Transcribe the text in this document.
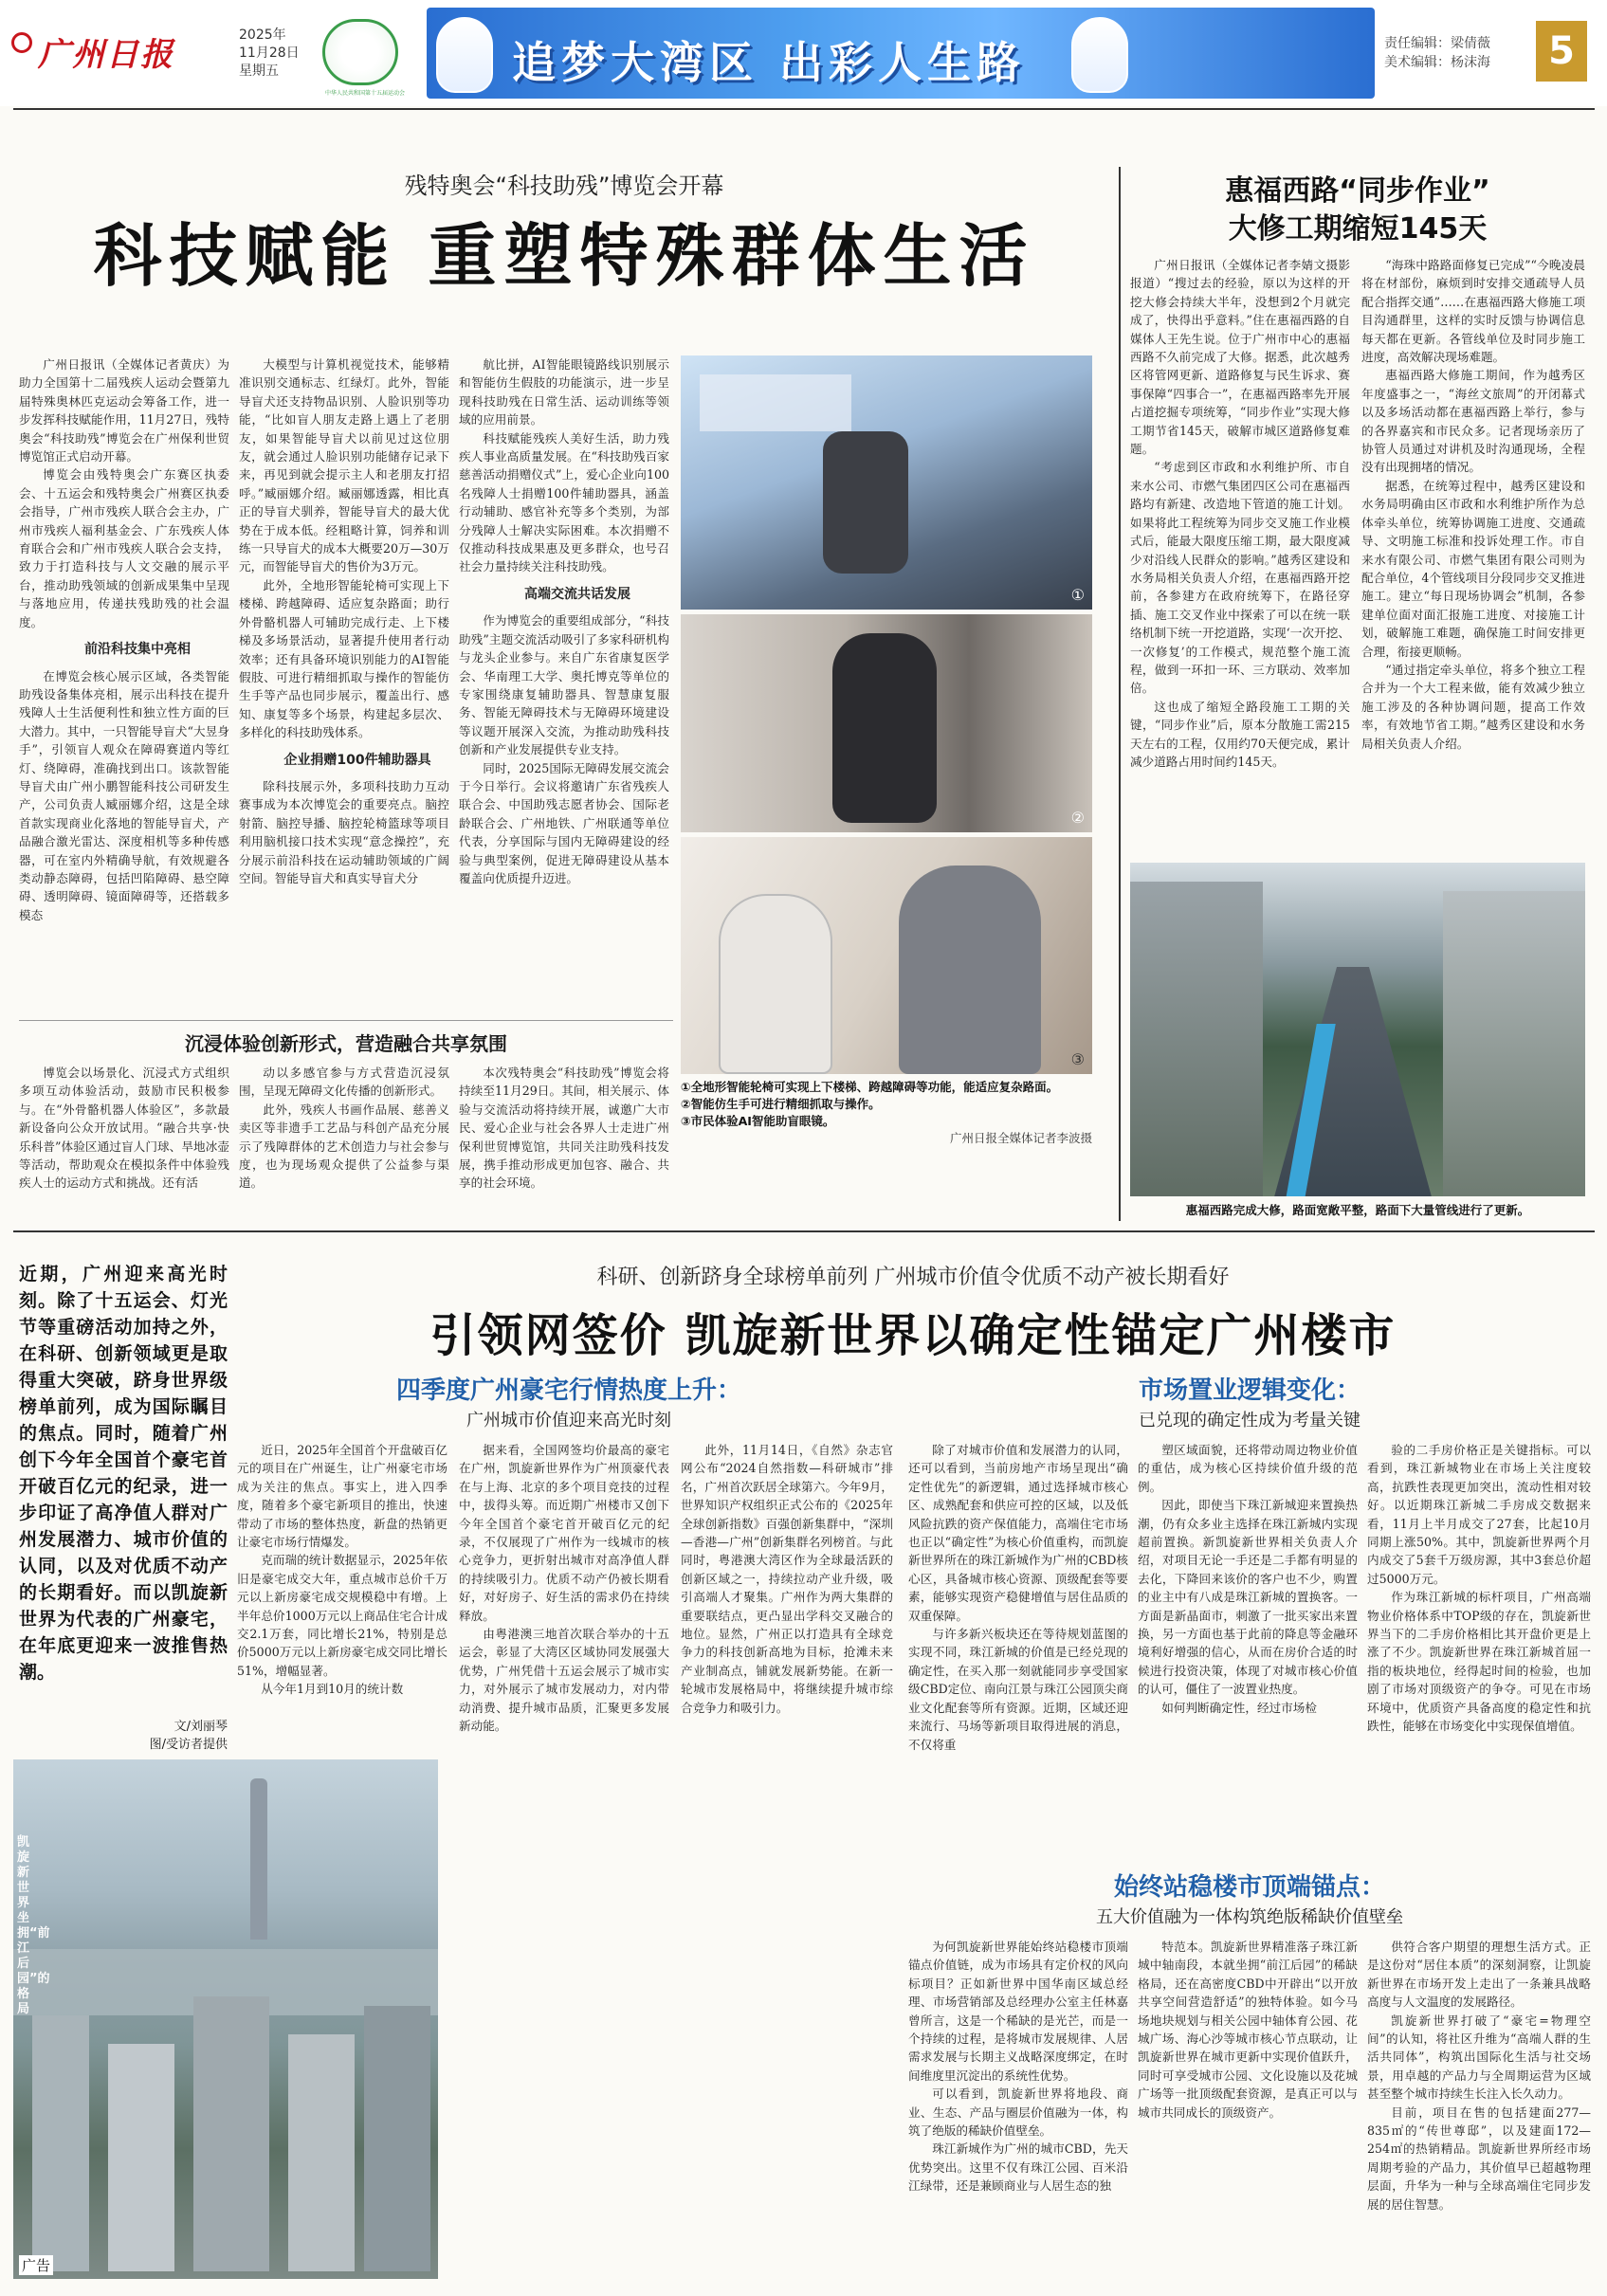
广州日报
2025年
11月28日
星期五
中华人民共和国第十五届运动会
追梦大湾区 出彩人生路	责任编辑：梁倩薇
美术编辑：杨沫海	5
残特奥会“科技助残”博览会开幕
科技赋能 重塑特殊群体生活

广州日报讯（全媒体记者黄庆）为助力全国第十二届残疾人运动会暨第九届特殊奥林匹克运动会筹备工作，进一步发挥科技赋能作用，11月27日，残特奥会“科技助残”博览会在广州保利世贸博览馆正式启动开幕。

博览会由残特奥会广东赛区执委会、十五运会和残特奥会广州赛区执委会指导，广州市残疾人联合会主办，广州市残疾人福利基金会、广东残疾人体育联合会和广州市残疾人联合会支持，致力于打造科技与人文交融的展示平台，推动助残领域的创新成果集中呈现与落地应用，传递扶残助残的社会温度。

前沿科技集中亮相

在博览会核心展示区域，各类智能助残设备集体亮相，展示出科技在提升残障人士生活便利性和独立性方面的巨大潜力。其中，一只智能导盲犬“大昱身手”，引领盲人观众在障碍赛道内等红灯、绕障碍，准确找到出口。该款智能导盲犬由广州小鹏智能科技公司研发生产，公司负责人臧丽娜介绍，这是全球首款实现商业化落地的智能导盲犬，产品融合激光雷达、深度相机等多种传感器，可在室内外精确导航，有效规避各类动静态障碍，包括凹陷障碍、悬空障碍、透明障碍、镜面障碍等，还搭载多模态

大模型与计算机视觉技术，能够精准识别交通标志、红绿灯。此外，智能导盲犬还支持物品识别、人脸识别等功能，“比如盲人朋友走路上遇上了老朋友，如果智能导盲犬以前见过这位朋友，就会通过人脸识别功能储存记录下来，再见到就会提示主人和老朋友打招呼。”臧丽娜介绍。臧丽娜透露，相比真正的导盲犬驯养，智能导盲犬的最大优势在于成本低。经粗略计算，饲养和训练一只导盲犬的成本大概要20万—30万元，而智能导盲犬的售价为3万元。

此外，全地形智能轮椅可实现上下楼梯、跨越障碍、适应复杂路面；助行外骨骼机器人可辅助完成行走、上下楼梯及多场景活动，显著提升使用者行动效率；还有具备环境识别能力的AI智能假肢、可进行精细抓取与操作的智能仿生手等产品也同步展示，覆盖出行、感知、康复等多个场景，构建起多层次、多样化的科技助残体系。

企业捐赠100件辅助器具

除科技展示外，多项科技助力互动赛事成为本次博览会的重要亮点。脑控射箭、脑控导播、脑控轮椅篮球等项目利用脑机接口技术实现“意念操控”，充分展示前沿科技在运动辅助领域的广阔空间。智能导盲犬和真实导盲犬分

航比拼，AI智能眼镜路线识别展示和智能仿生假肢的功能演示，进一步呈现科技助残在日常生活、运动训练等领域的应用前景。

科技赋能残疾人美好生活，助力残疾人事业高质量发展。在“科技助残百家慈善活动捐赠仪式”上，爱心企业向100名残障人士捐赠100件辅助器具，涵盖行动辅助、感官补充等多个类别，为部分残障人士解决实际困难。本次捐赠不仅推动科技成果惠及更多群众，也号召社会力量持续关注科技助残。

高端交流共话发展

作为博览会的重要组成部分，“科技助残”主题交流活动吸引了多家科研机构与龙头企业参与。来自广东省康复医学会、华南理工大学、奥托博克等单位的专家围绕康复辅助器具、智慧康复服务、智能无障碍技术与无障碍环境建设等议题开展深入交流，为推动助残科技创新和产业发展提供专业支持。

同时，2025国际无障碍发展交流会于今日举行。会议将邀请广东省残疾人联合会、中国助残志愿者协会、国际老龄联合会、广州地铁、广州联通等单位代表，分享国际与国内无障碍建设的经验与典型案例，促进无障碍建设从基本覆盖向优质提升迈进。

沉浸体验创新形式，营造融合共享氛围

博览会以场景化、沉浸式方式组织多项互动体验活动，鼓励市民积极参与。在“外骨骼机器人体验区”，多款最新设备向公众开放试用。“融合共享·快乐科普”体验区通过盲人门球、旱地冰壶等活动，帮助观众在模拟条件中体验残疾人士的运动方式和挑战。还有活

动以多感官参与方式营造沉浸氛围，呈现无障碍文化传播的创新形式。

此外，残疾人书画作品展、慈善义卖区等非遗手工艺品与科创产品充分展示了残障群体的艺术创造力与社会参与度，也为现场观众提供了公益参与渠道。

本次残特奥会“科技助残”博览会将持续至11月29日。其间，相关展示、体验与交流活动将持续开展，诚邀广大市民、爱心企业与社会各界人士走进广州保利世贸博览馆，共同关注助残科技发展，携手推动形成更加包容、融合、共享的社会环境。

①
②
③
①全地形智能轮椅可实现上下楼梯、跨越障碍等功能，能适应复杂路面。
②智能仿生手可进行精细抓取与操作。
③市民体验AI智能助盲眼镜。
广州日报全媒体记者李波摄
惠福西路“同步作业”
大修工期缩短145天

广州日报讯（全媒体记者李婧文摄影报道）“搜过去的经验，原以为这样的开挖大修会持续大半年，没想到2个月就完成了，快得出乎意料。”住在惠福西路的自媒体人王先生说。位于广州市中心的惠福西路不久前完成了大修。据悉，此次越秀区将管网更新、道路修复与民生诉求、赛事保障“四事合一”，在惠福西路率先开展占道挖掘专项统筹，“同步作业”实现大修工期节省145天，破解市城区道路修复难题。

“考虑到区市政和水利维护所、市自来水公司、市燃气集团四区公司在惠福西路均有新建、改造地下管道的施工计划。如果将此工程统筹为同步交叉施工作业模式后，能最大限度压缩工期，最大限度减少对沿线人民群众的影响。”越秀区建设和水务局相关负责人介绍，在惠福西路开挖前，各参建方在政府统筹下，在路径穿插、施工交叉作业中探索了可以在统一联络机制下统一开挖道路，实现‘一次开挖、一次修复’的工作模式，规范整个施工流程，做到一环扣一环、三方联动、效率加倍。

这也成了缩短全路段施工工期的关键，“同步作业”后，原本分散施工需215天左右的工程，仅用约70天便完成，累计减少道路占用时间约145天。

“海珠中路路面修复已完成”“今晚凌晨将在材部份，麻烦到时安排交通疏导人员配合指挥交通”……在惠福西路大修施工项目沟通群里，这样的实时反馈与协调信息每天都在更新。各管线单位及时同步施工进度，高效解决现场难题。

惠福西路大修施工期间，作为越秀区年度盛事之一，“海丝文旅周”的开闭幕式以及多场活动都在惠福西路上举行，参与的各界嘉宾和市民众多。记者现场亲历了协管人员通过对讲机及时沟通现场，全程没有出现拥堵的情况。

据悉，在统筹过程中，越秀区建设和水务局明确由区市政和水利维护所作为总体牵头单位，统筹协调施工进度、交通疏导、文明施工标准和投诉处理工作。市自来水有限公司、市燃气集团有限公司则为配合单位，4个管线项目分段同步交叉推进施工。建立“每日现场协调会”机制，各参建单位面对面汇报施工进度、对接施工计划，破解施工难题，确保施工时间安排更合理，衔接更顺畅。

“通过指定牵头单位，将多个独立工程合并为一个大工程来做，能有效减少独立施工涉及的各种协调问题，提高工作效率，有效地节省工期。”越秀区建设和水务局相关负责人介绍。

惠福西路完成大修，路面宽敞平整，路面下大量管线进行了更新。
科研、创新跻身全球榜单前列 广州城市价值令优质不动产被长期看好
引领网签价 凯旋新世界以确定性锚定广州楼市
近期，广州迎来高光时刻。除了十五运会、灯光节等重磅活动加持之外，在科研、创新领域更是取得重大突破，跻身世界级榜单前列，成为国际瞩目的焦点。同时，随着广州创下今年全国首个豪宅首开破百亿元的纪录，进一步印证了高净值人群对广州发展潜力、城市价值的认同，以及对优质不动产的长期看好。而以凯旋新世界为代表的广州豪宅，在年底更迎来一波推售热潮。
文/刘丽琴
图/受访者提供
凯旋新世界坐拥“前江后园”的格局
广告
四季度广州豪宅行情热度上升：
广州城市价值迎来高光时刻

近日，2025年全国首个开盘破百亿元的项目在广州诞生，让广州豪宅市场成为关注的焦点。事实上，进入四季度，随着多个豪宅新项目的推出，快速带动了市场的整体热度，新盘的热销更让豪宅市场行情爆发。

克而瑞的统计数据显示，2025年依旧是豪宅成交大年，重点城市总价千万元以上新房豪宅成交规模稳中有增。上半年总价1000万元以上商品住宅合计成交2.1万套，同比增长21%，特别是总价5000万元以上新房豪宅成交同比增长51%，增幅显著。

从今年1月到10月的统计数

据来看，全国网签均价最高的豪宅在广州，凯旋新世界作为广州顶豪代表在与上海、北京的多个项目竞技的过程中，拔得头筹。而近期广州楼市又创下今年全国首个豪宅首开破百亿元的纪录，不仅展现了广州作为一线城市的核心竞争力，更折射出城市对高净值人群的持续吸引力。优质不动产仍被长期看好，对好房子、好生活的需求仍在持续释放。

由粤港澳三地首次联合举办的十五运会，彰显了大湾区区域协同发展强大优势，广州凭借十五运会展示了城市实力，对外展示了城市发展动力，对内带动消费、提升城市品质，汇聚更多发展新动能。

此外，11月14日，《自然》杂志官网公布“2024自然指数—科研城市”排名，广州首次跃居全球第六。今年9月，世界知识产权组织正式公布的《2025年全球创新指数》百强创新集群中，“深圳—香港—广州”创新集群名列榜首。与此同时，粤港澳大湾区作为全球最活跃的创新区域之一，持续拉动产业升级，吸引高端人才聚集。广州作为两大集群的重要联结点，更凸显出学科交叉融合的地位。显然，广州正以打造具有全球竞争力的科技创新高地为目标，抢滩未来产业制高点，铺就发展新势能。在新一轮城市发展格局中，将继续提升城市综合竞争力和吸引力。

市场置业逻辑变化：
已兑现的确定性成为考量关键

除了对城市价值和发展潜力的认同，还可以看到，当前房地产市场呈现出“确定性优先”的新逻辑，通过选择城市核心区、成熟配套和供应可控的区域，以及低风险抗跌的资产保值能力，高端住宅市场也正以“确定性”为核心价值重构，而凯旋新世界所在的珠江新城作为广州的CBD核心区，具备城市核心资源、顶级配套等要素，能够实现资产稳健增值与居住品质的双重保障。

与许多新兴板块还在等待规划蓝图的实现不同，珠江新城的价值是已经兑现的确定性，在买入那一刻就能同步享受国家级CBD定位、南向江景与珠江公园顶尖商业文化配套等所有资源。近期，区域还迎来流行、马场等新项目取得进展的消息，不仅将重

塑区域面貌，还将带动周边物业价值的重估，成为核心区持续价值升级的范例。

因此，即使当下珠江新城迎来置换热潮，仍有众多业主选择在珠江新城内实现超前置换。新凯旋新世界相关负责人介绍，对项目无论一手还是二手都有明显的去化，下降回来该价的客户也不少，购置的业主中有八成是珠江新城的置换客。一方面是新晶面市，刺激了一批买家出来置换，另一方面也基于此前的降息等金融环境利好增强的信心，从而在房价合适的时候进行投资决策，体现了对城市核心价值的认可，僵住了一波置业热度。

如何判断确定性，经过市场检

验的二手房价格正是关键指标。可以看到，珠江新城物业在市场上关注度较高，抗跌性表现更加突出，流动性相对较好。以近期珠江新城二手房成交数据来看，11月上半月成交了27套，比起10月同期上涨50%。其中，凯旋新世界两个月内成交了5套千万级房源，其中3套总价超过5000万元。

作为珠江新城的标杆项目，广州高端物业价格体系中TOP级的存在，凯旋新世界当下的二手房价格相比其开盘价更是上涨了不少。凯旋新世界在珠江新城首屈一指的板块地位，经得起时间的检验，也加剧了市场对顶级资产的争夺。可见在市场环境中，优质资产具备高度的稳定性和抗跌性，能够在市场变化中实现保值增值。

始终站稳楼市顶端锚点：
五大价值融为一体构筑绝版稀缺价值壁垒

为何凯旋新世界能始终站稳楼市顶端锚点价值链，成为市场具有定价权的风向标项目？正如新世界中国华南区域总经理、市场营销部及总经理办公室主任林嘉曾所言，这是一个稀缺的是光芒，而是一个持续的过程，是将城市发展规律、人居需求发展与长期主义战略深度绑定，在时间维度里沉淀出的系统性优势。

可以看到，凯旋新世界将地段、商业、生态、产品与圈层价值融为一体，构筑了绝版的稀缺价值壁垒。

珠江新城作为广州的城市CBD，先天优势突出。这里不仅有珠江公园、百米沿江绿带，还是兼顾商业与人居生态的独

特范本。凯旋新世界精准落子珠江新城中轴南段，本就坐拥“前江后园”的稀缺格局，还在高密度CBD中开辟出“以开放共享空间营造舒适”的独特体验。如今马场地块规划与相关公园中轴体育公园、花城广场、海心沙等城市核心节点联动，让凯旋新世界在城市更新中实现价值跃升，同时可享受城市公园、文化设施以及花城广场等一批顶级配套资源，是真正可以与城市共同成长的顶级资产。

供符合客户期望的理想生活方式。正是这份对“居住本质”的深刻洞察，让凯旋新世界在市场开发上走出了一条兼具战略高度与人文温度的发展路径。

凯旋新世界打破了“豪宅=物理空间”的认知，将社区升维为“高端人群的生活共同体”，构筑出国际化生活与社交场景，用卓越的产品力与全周期运营为区域甚至整个城市持续生长注入长久动力。

目前，项目在售的包括建面277—835㎡的“传世尊邸”，以及建面172—254㎡的热销精品。凯旋新世界所经市场周期考验的产品力，其价值早已超越物理层面，升华为一种与全球高端住宅同步发展的居住智慧。
